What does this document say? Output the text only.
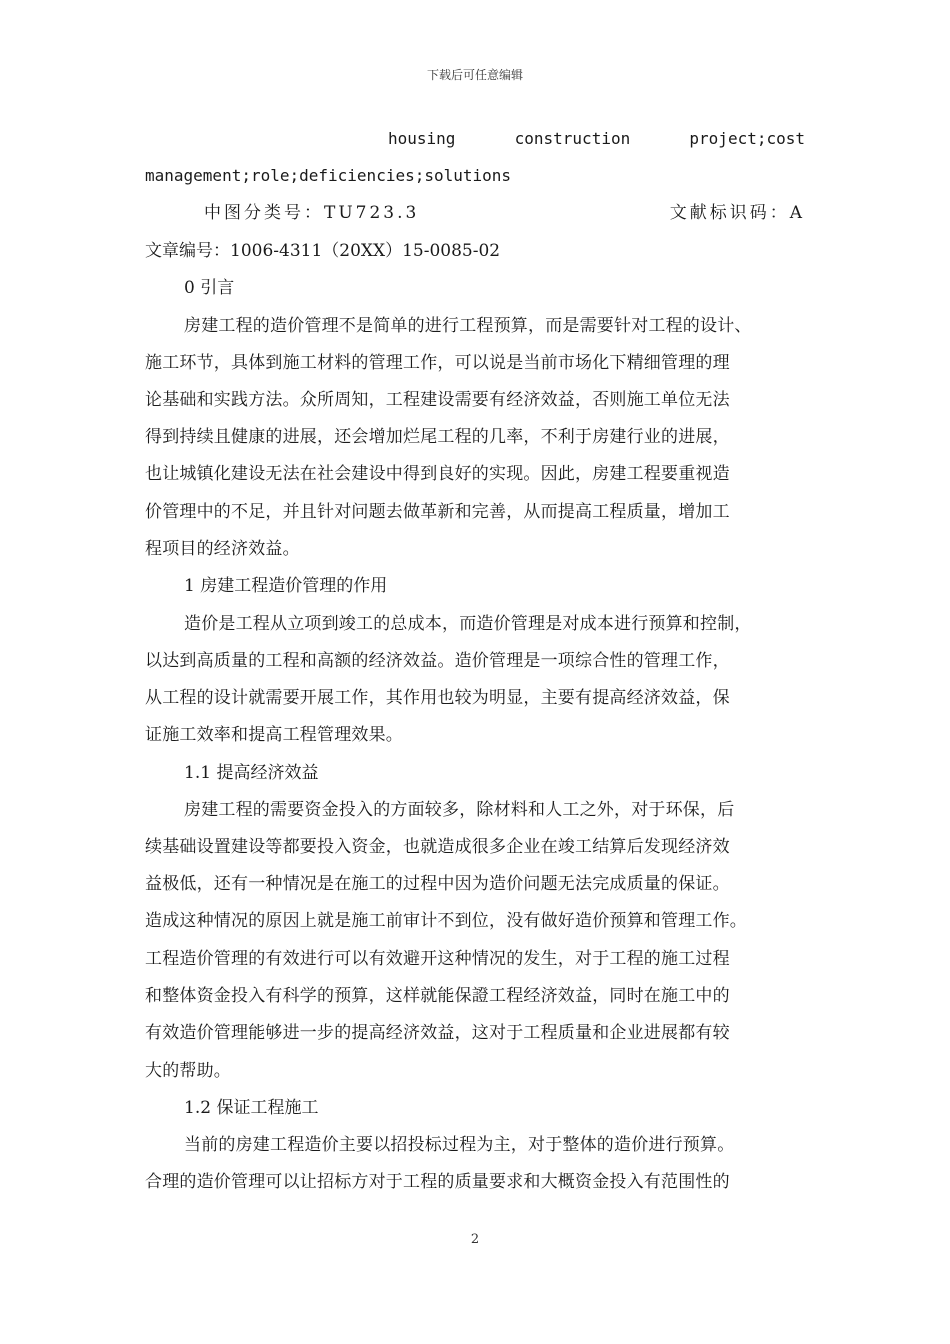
下载后可任意编辑
housing	construction	project;cost
management;role;deficiencies;solutions
中图分类号：TU723.3	文献标识码：A
文章编号：1006-4311（20XX）15-0085-02
0 引言
房建工程的造价管理不是简单的进行工程预算，而是需要针对工程的设计、
施工环节，具体到施工材料的管理工作，可以说是当前市场化下精细管理的理
论基础和实践方法。众所周知，工程建设需要有经济效益，否则施工单位无法
得到持续且健康的进展，还会增加烂尾工程的几率，不利于房建行业的进展，
也让城镇化建设无法在社会建设中得到良好的实现。因此，房建工程要重视造
价管理中的不足，并且针对问题去做革新和完善，从而提高工程质量，增加工
程项目的经济效益。
1 房建工程造价管理的作用
造价是工程从立项到竣工的总成本，而造价管理是对成本进行预算和控制，
以达到高质量的工程和高额的经济效益。造价管理是一项综合性的管理工作，
从工程的设计就需要开展工作，其作用也较为明显，主要有提高经济效益，保
证施工效率和提高工程管理效果。
1.1 提高经济效益
房建工程的需要资金投入的方面较多，除材料和人工之外，对于环保，后
续基础设置建设等都要投入资金，也就造成很多企业在竣工结算后发现经济效
益极低，还有一种情况是在施工的过程中因为造价问题无法完成质量的保证。
造成这种情况的原因上就是施工前审计不到位，没有做好造价预算和管理工作。
工程造价管理的有效进行可以有效避开这种情况的发生，对于工程的施工过程
和整体资金投入有科学的预算，这样就能保證工程经济效益，同时在施工中的
有效造价管理能够进一步的提高经济效益，这对于工程质量和企业进展都有较
大的帮助。
1.2 保证工程施工
当前的房建工程造价主要以招投标过程为主，对于整体的造价进行预算。
合理的造价管理可以让招标方对于工程的质量要求和大概资金投入有范围性的
2
